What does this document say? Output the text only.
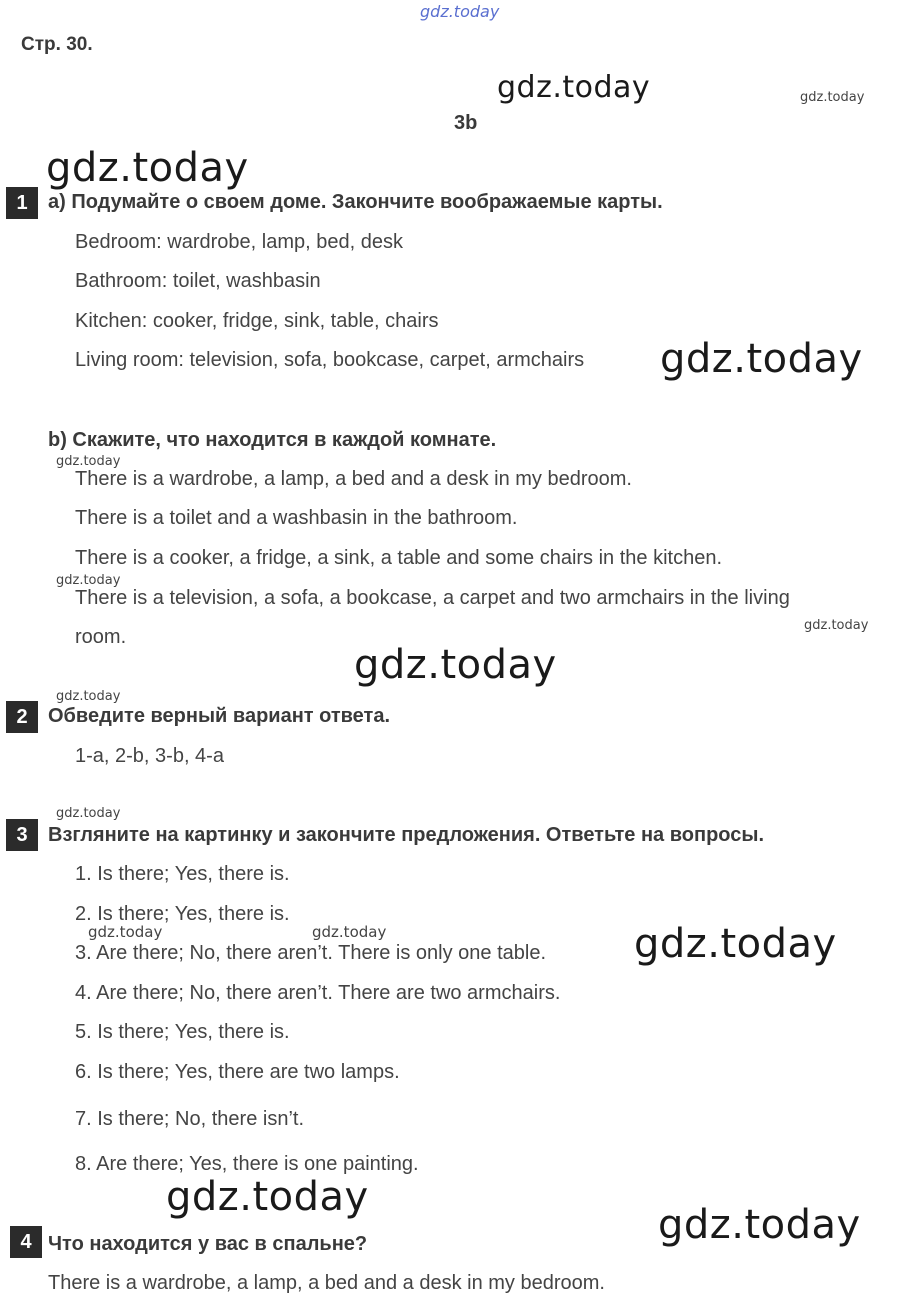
gdz.today
gdz.today	gdz.today
gdz.today
gdz.today
gdz.today
gdz.today
gdz.today
gdz.today
gdz.today
gdz.today
gdz.today	gdz.today	gdz.today
gdz.today
gdz.today
Стр. 30.
3b
1	а) Подумайте о своем доме. Закончите воображаемые карты.
Bedroom: wardrobe, lamp, bed, desk
Bathroom: toilet, washbasin
Kitchen: cooker, fridge, sink, table, chairs
Living room: television, sofa, bookcase, carpet, armchairs
b) Скажите, что находится в каждой комнате.
There is a wardrobe, a lamp, a bed and a desk in my bedroom.
There is a toilet and a washbasin in the bathroom.
There is a cooker, a fridge, a sink, a table and some chairs in the kitchen.
There is a television, a sofa, a bookcase, a carpet and two armchairs in the living
room.
2	Обведите верный вариант ответа.
1-a, 2-b, 3-b, 4-a
3	Взгляните на картинку и закончите предложения. Ответьте на вопросы.
1. Is there; Yes, there is.
2. Is there; Yes, there is.
3. Are there; No, there aren’t. There is only one table.
4. Are there; No, there aren’t. There are two armchairs.
5. Is there; Yes, there is.
6. Is there; Yes, there are two lamps.
7. Is there; No, there isn’t.
8. Are there; Yes, there is one painting.
4 Что находится у вас в спальне?
There is a wardrobe, a lamp, a bed and a desk in my bedroom.
